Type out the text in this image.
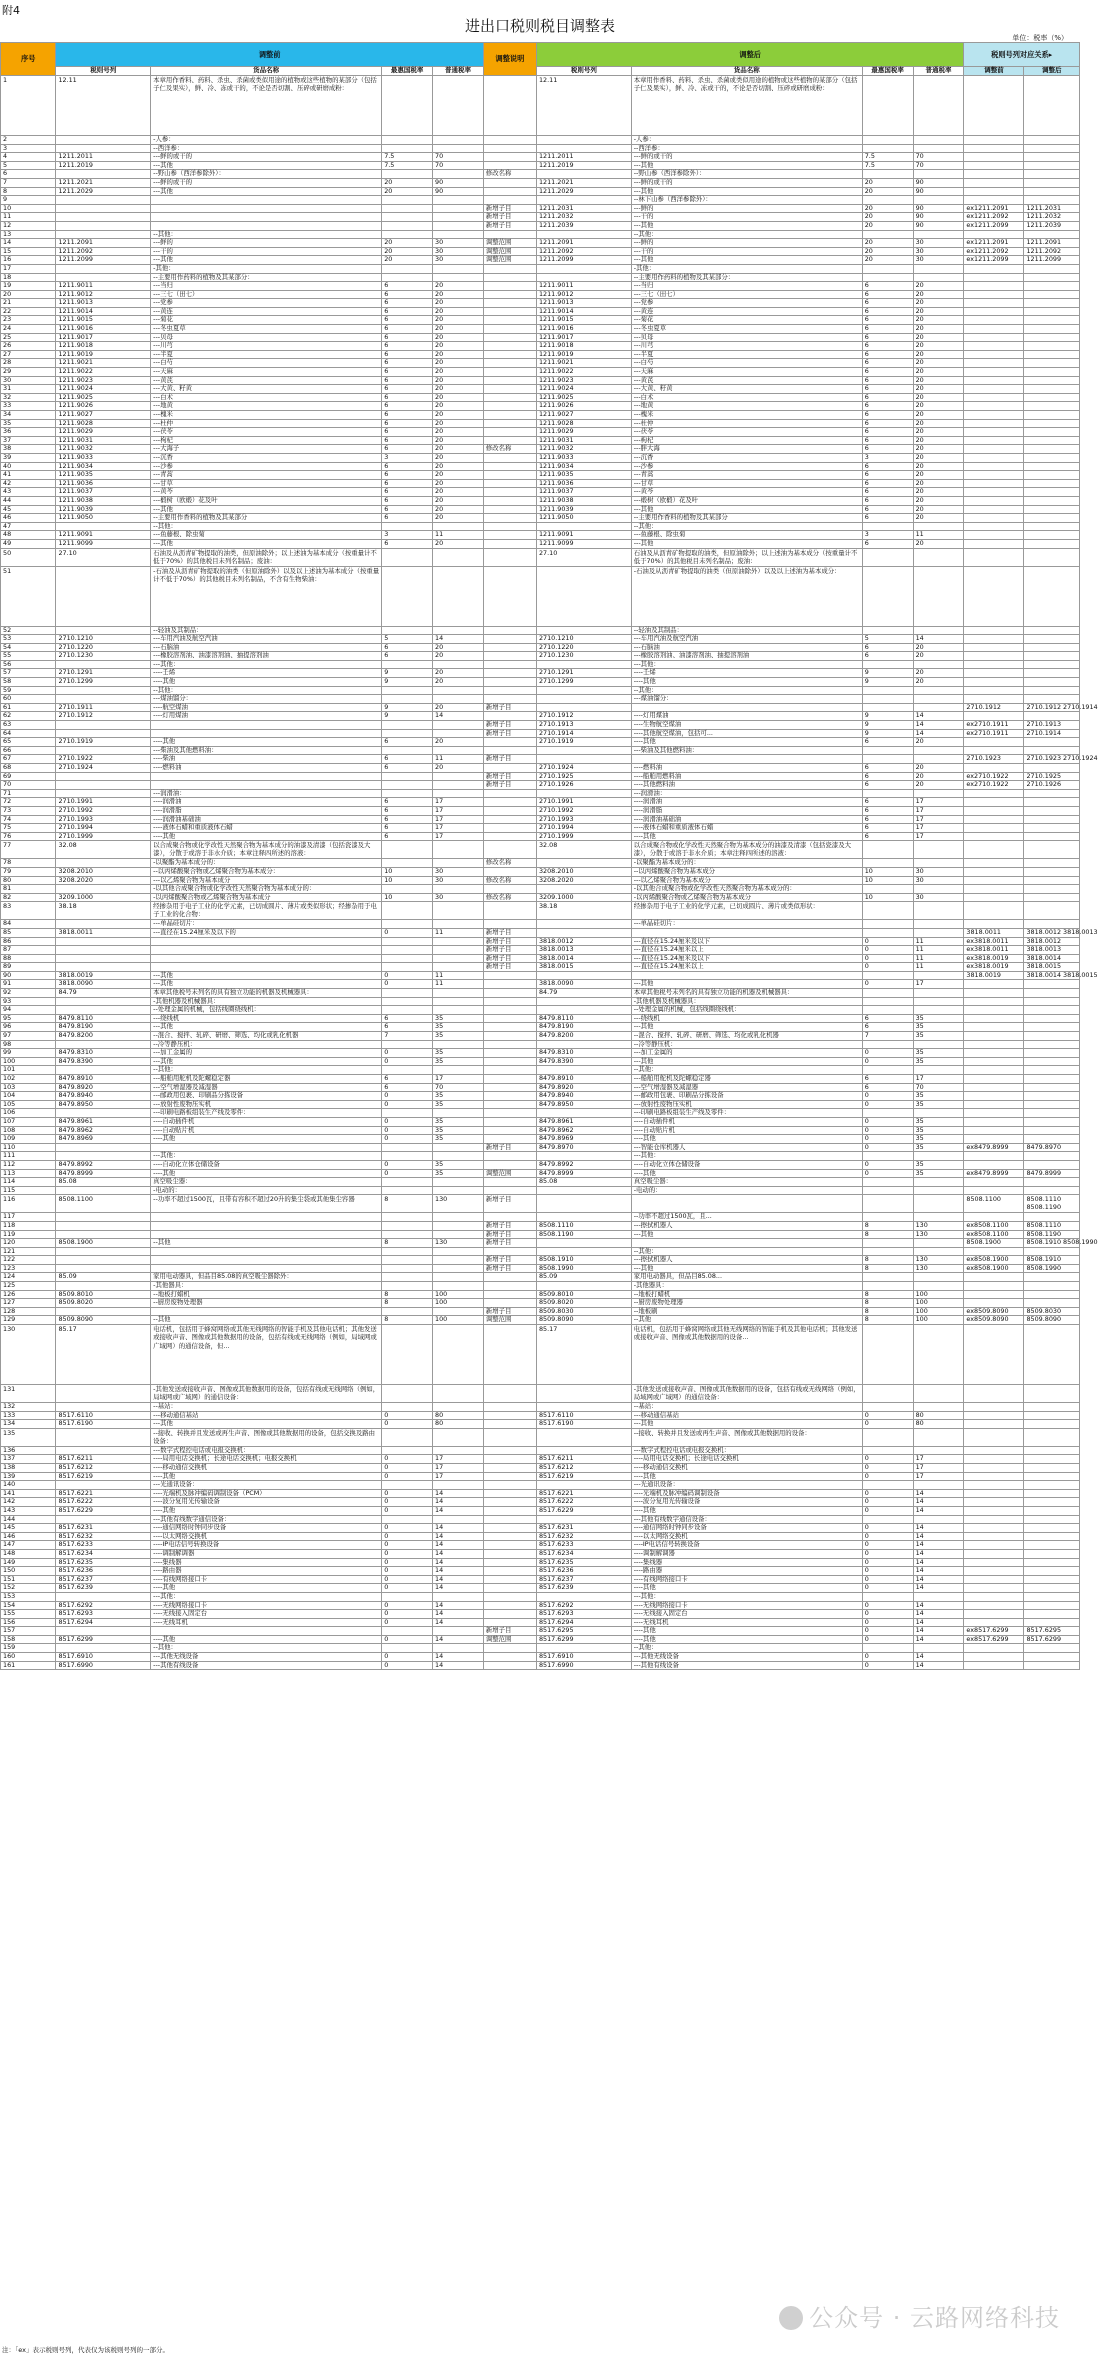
附4
进出口税则税目调整表
单位：税率（%）
序号	调整前				调整说明	调整后				税则号列对应关系▸	
	税则号列	货品名称	最惠国税率	普通税率		税则号列	货品名称	最惠国税率	普通税率	调整前	调整后
1	12.11	本章用作香料、药料、杀虫、杀菌或类似用途的植物或这些植物的某部分（包括子仁及果实），鲜、冷、冻或干的，不论是否切割、压碎或研磨成粉：				12.11	本章用作香料、药料、杀虫、杀菌或类似用途的植物或这些植物的某部分（包括子仁及果实），鲜、冷、冻或干的，不论是否切割、压碎或研磨成粉：				
2		-人参：					-人参：				
3		--西洋参：					--西洋参：				
4	1211.2011	---鲜的或干的	7.5	70		1211.2011	---鲜的或干的	7.5	70		
5	1211.2019	---其他	7.5	70		1211.2019	---其他	7.5	70		
6		--野山参（西洋参除外）：			修改名称		--野山参（西洋参除外）：				
7	1211.2021	---鲜的或干的	20	90		1211.2021	---鲜的或干的	20	90		
8	1211.2029	---其他	20	90		1211.2029	---其他	20	90		
9							--林下山参（西洋参除外）：				
10					新增子目	1211.2031	---鲜的	20	90	ex1211.2091	1211.2031
11					新增子目	1211.2032	---干的	20	90	ex1211.2092	1211.2032
12					新增子目	1211.2039	---其他	20	90	ex1211.2099	1211.2039
13		--其他：					--其他：				
14	1211.2091	---鲜的	20	30	调整范围	1211.2091	---鲜的	20	30	ex1211.2091	1211.2091
15	1211.2092	---干的	20	30	调整范围	1211.2092	---干的	20	30	ex1211.2092	1211.2092
16	1211.2099	---其他	20	30	调整范围	1211.2099	---其他	20	30	ex1211.2099	1211.2099
17		-其他：					-其他：				
18		--主要用作药料的植物及其某部分：					--主要用作药料的植物及其某部分：				
19	1211.9011	---当归	6	20		1211.9011	---当归	6	20		
20	1211.9012	---三七（田七）	6	20		1211.9012	---三七（田七）	6	20		
21	1211.9013	---党参	6	20		1211.9013	---党参	6	20		
22	1211.9014	---黄连	6	20		1211.9014	---黄连	6	20		
23	1211.9015	---菊花	6	20		1211.9015	---菊花	6	20		
24	1211.9016	---冬虫夏草	6	20		1211.9016	---冬虫夏草	6	20		
25	1211.9017	---贝母	6	20		1211.9017	---贝母	6	20		
26	1211.9018	---川芎	6	20		1211.9018	---川芎	6	20		
27	1211.9019	---半夏	6	20		1211.9019	---半夏	6	20		
28	1211.9021	---白芍	6	20		1211.9021	---白芍	6	20		
29	1211.9022	---天麻	6	20		1211.9022	---天麻	6	20		
30	1211.9023	---黄芪	6	20		1211.9023	---黄芪	6	20		
31	1211.9024	---大黄、籽黄	6	20		1211.9024	---大黄、籽黄	6	20		
32	1211.9025	---白术	6	20		1211.9025	---白术	6	20		
33	1211.9026	---地黄	6	20		1211.9026	---地黄	6	20		
34	1211.9027	---槐米	6	20		1211.9027	---槐米	6	20		
35	1211.9028	---杜仲	6	20		1211.9028	---杜仲	6	20		
36	1211.9029	---茯苓	6	20		1211.9029	---茯苓	6	20		
37	1211.9031	---枸杞	6	20		1211.9031	---枸杞	6	20		
38	1211.9032	---大海子	6	20	修改名称	1211.9032	---胖大海	6	20		
39	1211.9033	---沉香	3	20		1211.9033	---沉香	3	20		
40	1211.9034	---沙参	6	20		1211.9034	---沙参	6	20		
41	1211.9035	---青蒿	6	20		1211.9035	---青蒿	6	20		
42	1211.9036	---甘草	6	20		1211.9036	---甘草	6	20		
43	1211.9037	---黄芩	6	20		1211.9037	---黄芩	6	20		
44	1211.9038	---椴树（欧椴）花及叶	6	20		1211.9038	---椴树（欧椴）花及叶	6	20		
45	1211.9039	---其他	6	20		1211.9039	---其他	6	20		
46	1211.9050	--主要用作香料的植物及其某部分	6	20		1211.9050	--主要用作香料的植物及其某部分	6	20		
47		--其他：					--其他：				
48	1211.9091	---鱼藤根、除虫菊	3	11		1211.9091	---鱼藤根、除虫菊	3	11		
49	1211.9099	---其他	6	20		1211.9099	---其他	6	20		
50	27.10	石油及从沥青矿物提取的油类，但原油除外；以上述油为基本成分（按重量计不低于70%）的其他税目未列名制品；废油：				27.10	石油及从沥青矿物提取的油类，但原油除外；以上述油为基本成分（按重量计不低于70%）的其他税目未列名制品；废油：				
51		-石油及从沥青矿物提取的油类（但原油除外）以及以上述油为基本成分（按重量计不低于70%）的其他税目未列名制品，不含有生物柴油：					-石油及从沥青矿物提取的油类（但原油除外）以及以上述油为基本成分：				
52		--轻油及其制品：					--轻油及其制品：				
53	2710.1210	---车用汽油及航空汽油	5	14		2710.1210	---车用汽油及航空汽油	5	14		
54	2710.1220	---石脑油	6	20		2710.1220	---石脑油	6	20		
55	2710.1230	---橡胶溶剂油、油漆溶剂油、抽提溶剂油	6	20		2710.1230	---橡胶溶剂油、油漆溶剂油、抽提溶剂油	6	20		
56		---其他：					---其他：				
57	2710.1291	----壬烯	9	20		2710.1291	----壬烯	9	20		
58	2710.1299	----其他	9	20		2710.1299	----其他	9	20		
59		--其他：					--其他：				
60		---煤油馏分：					---煤油馏分：				
61	2710.1911	----航空煤油	9	20	新增子目					2710.1912	2710.1912 2710.1914
62	2710.1912	----灯用煤油	9	14		2710.1912	----灯用煤油	9	14		
63					新增子目	2710.1913	----生物航空煤油	9	14	ex2710.1911	2710.1913
64					新增子目	2710.1914	----其他航空煤油，包括可...	9	14	ex2710.1911	2710.1914
65	2710.1919	----其他	6	20		2710.1919	----其他	6	20		
66		---柴油及其他燃料油：					---柴油及其他燃料油：				
67	2710.1922	----柴油	6	11	新增子目					2710.1923	2710.1923 2710.1924
68	2710.1924	----燃料油	6	20		2710.1924	----燃料油	6	20		
69					新增子目	2710.1925	----船舶用燃料油	6	20	ex2710.1922	2710.1925
70					新增子目	2710.1926	----其他燃料油	6	20	ex2710.1922	2710.1926
71		---润滑油：					---润滑油：				
72	2710.1991	----润滑油	6	17		2710.1991	----润滑油	6	17		
73	2710.1992	----润滑脂	6	17		2710.1992	----润滑脂	6	17		
74	2710.1993	----润滑油基础油	6	17		2710.1993	----润滑油基础油	6	17		
75	2710.1994	----液体石蜡和重质液体石蜡	6	17		2710.1994	----液体石蜡和重质液体石蜡	6	17		
76	2710.1999	----其他	6	17		2710.1999	----其他	6	17		
77	32.08	以合成聚合物或化学改性天然聚合物为基本成分的油漆及清漆（包括瓷漆及大漆），分散于或溶于非水介质；本章注释四所述的溶液：				32.08	以合成聚合物或化学改性天然聚合物为基本成分的油漆及清漆（包括瓷漆及大漆），分散于或溶于非水介质；本章注释四所述的溶液：				
78		-以聚酯为基本成分的：			修改名称		-以聚酯为基本成分的：				
79	3208.2010	--以丙烯酸聚合物或乙烯聚合物为基本成分：	10	30		3208.2010	--以丙烯酸聚合物为基本成分	10	30		
80	3208.2020	---以乙烯聚合物为基本成分	10	30	修改名称	3208.2020	---以乙烯聚合物为基本成分	10	30		
81		-以其他合成聚合物或化学改性天然聚合物为基本成分的：					-以其他合成聚合物或化学改性天然聚合物为基本成分的：				
82	3209.1000	-以丙烯酸聚合物或乙烯聚合物为基本成分	10	30	修改名称	3209.1000	-以丙烯酸聚合物或乙烯聚合物为基本成分	10	30		
83	38.18	经掺杂用于电子工业的化学元素，已切成圆片、薄片或类似形状；经掺杂用于电子工业的化合物：				38.18	经掺杂用于电子工业的化学元素，已切成圆片、薄片或类似形状：				
84		---单晶硅切片：					---单晶硅切片：				
85	3818.0011	---直径在15.24厘米及以下的	0	11	新增子目					3818.0011	3818.0012 3818.0013
86					新增子目	3818.0012	---直径在15.24厘米及以下	0	11	ex3818.0011	3818.0012
87					新增子目	3818.0013	---直径在15.24厘米以上	0	11	ex3818.0011	3818.0013
88					新增子目	3818.0014	---直径在15.24厘米及以下	0	11	ex3818.0019	3818.0014
89					新增子目	3818.0015	---直径在15.24厘米以上	0	11	ex3818.0019	3818.0015
90	3818.0019	---其他	0	11						3818.0019	3818.0014 3818.0015
91	3818.0090	---其他	0	11		3818.0090	---其他	0	17		
92	84.79	本章其他税号未列名的具有独立功能的机器及机械器具：				84.79	本章其他税号未列名的具有独立功能的机器及机械器具：				
93		-其他机器及机械器具：					-其他机器及机械器具：				
94		--处理金属的机械，包括线圈绕线机：					--处理金属的机械，包括线圈绕线机：				
95	8479.8110	---绕线机	6	35		8479.8110	---绕线机	6	35		
96	8479.8190	---其他	6	35		8479.8190	---其他	6	35		
97	8479.8200	--混合、搅拌、轧碎、研磨、筛选、均化或乳化机器	7	35		8479.8200	--混合、搅拌、轧碎、研磨、筛选、均化或乳化机器	7	35		
98		--冷等静压机：					--冷等静压机：				
99	8479.8310	---加工金属的	0	35		8479.8310	---加工金属的	0	35		
100	8479.8390	---其他	0	35		8479.8390	---其他	0	35		
101		--其他：					--其他：				
102	8479.8910	---船舶用舵机及陀螺稳定器	6	17		8479.8910	---船舶用舵机及陀螺稳定器	6	17		
103	8479.8920	---空气增湿器及减湿器	6	70		8479.8920	---空气增湿器及减湿器	6	70		
104	8479.8940	---邮政用包裹、印刷品分拣设备	0	35		8479.8940	---邮政用包裹、印刷品分拣设备	0	35		
105	8479.8950	---放射性废物压实机	0	35		8479.8950	---放射性废物压实机	0	35		
106		---印刷电路板组装生产线及零件：					---印刷电路板组装生产线及零件：				
107	8479.8961	----自动插件机	0	35		8479.8961	----自动插件机	0	35		
108	8479.8962	----自动贴片机	0	35		8479.8962	----自动贴片机	0	35		
109	8479.8969	----其他	0	35		8479.8969	----其他	0	35		
110					新增子目	8479.8970	---智能仓库机器人	0	35	ex8479.8999	8479.8970
111		---其他：					---其他：				
112	8479.8992	----自动化立体仓储设备	0	35		8479.8992	----自动化立体仓储设备	0	35		
113	8479.8999	----其他	0	35	调整范围	8479.8999	----其他	0	35	ex8479.8999	8479.8999
114	85.08	真空吸尘器：				85.08	真空吸尘器：				
115		-电动的：					-电动的：				
116	8508.1100	--功率不超过1500瓦，且带有容积不超过20升的集尘袋或其他集尘容器	8	130	新增子目					8508.1100	8508.1110 8508.1190
117							--功率不超过1500瓦，且...				
118					新增子目	8508.1110	---擦拭机器人	8	130	ex8508.1100	8508.1110
119					新增子目	8508.1190	---其他	8	130	ex8508.1100	8508.1190
120	8508.1900	--其他	8	130	新增子目					8508.1900	8508.1910 8508.1990
121							--其他：				
122					新增子目	8508.1910	---擦拭机器人	8	130	ex8508.1900	8508.1910
123					新增子目	8508.1990	---其他	8	130	ex8508.1900	8508.1990
124	85.09	家用电动器具，但品目85.08的真空吸尘器除外：				85.09	家用电动器具，但品目85.08...				
125		-其他器具：					-其他器具：				
126	8509.8010	--地板打蜡机	8	100		8509.8010	--地板打蜡机	8	100		
127	8509.8020	--厨房废物处理器	8	100		8509.8020	--厨房废物处理器	8	100		
128					新增子目	8509.8030	--地板刷	8	100	ex8509.8090	8509.8030
129	8509.8090	--其他	8	100	调整范围	8509.8090	--其他	8	100	ex8509.8090	8509.8090
130	85.17	电话机，包括用于蜂窝网络或其他无线网络的智能手机及其他电话机；其他发送或接收声音、图像或其他数据用的设备，包括有线或无线网络（例如，局域网或广域网）的通信设备，但...				85.17	电话机，包括用于蜂窝网络或其他无线网络的智能手机及其他电话机；其他发送或接收声音、图像或其他数据用的设备...				
131		-其他发送或接收声音、图像或其他数据用的设备，包括有线或无线网络（例如，局域网或广域网）的通信设备：					-其他发送或接收声音、图像或其他数据用的设备，包括有线或无线网络（例如，局域网或广域网）的通信设备：				
132		--基站：					--基站：				
133	8517.6110	---移动通信基站	0	80		8517.6110	---移动通信基站	0	80		
134	8517.6190	---其他	0	80		8517.6190	---其他	0	80		
135		--接收、转换并且发送或再生声音、图像或其他数据用的设备，包括交换及路由设备：					--接收、转换并且发送或再生声音、图像或其他数据用的设备：				
136		---数字式程控电话或电报交换机：					---数字式程控电话或电报交换机：				
137	8517.6211	----局用电话交换机；长途电话交换机；电报交换机	0	17		8517.6211	----局用电话交换机；长途电话交换机	0	17		
138	8517.6212	----移动通信交换机	0	17		8517.6212	----移动通信交换机	0	17		
139	8517.6219	----其他	0	17		8517.6219	----其他	0	17		
140		---光通讯设备：					---光通讯设备：				
141	8517.6221	----光端机及脉冲编码调制设备（PCM）	0	14		8517.6221	----光端机及脉冲编码调制设备	0	14		
142	8517.6222	----波分复用光传输设备	0	14		8517.6222	----波分复用光传输设备	0	14		
143	8517.6229	----其他	0	14		8517.6229	----其他	0	14		
144		---其他有线数字通信设备：					---其他有线数字通信设备：				
145	8517.6231	----通信网络时钟同步设备	0	14		8517.6231	----通信网络时钟同步设备	0	14		
146	8517.6232	----以太网络交换机	0	14		8517.6232	----以太网络交换机	0	14		
147	8517.6233	----IP电话信号转换设备	0	14		8517.6233	----IP电话信号转换设备	0	14		
148	8517.6234	----调制解调器	0	14		8517.6234	----调制解调器	0	14		
149	8517.6235	----集线器	0	14		8517.6235	----集线器	0	14		
150	8517.6236	----路由器	0	14		8517.6236	----路由器	0	14		
151	8517.6237	----有线网络接口卡	0	14		8517.6237	----有线网络接口卡	0	14		
152	8517.6239	----其他	0	14		8517.6239	----其他	0	14		
153		---其他：					---其他：				
154	8517.6292	----无线网络接口卡	0	14		8517.6292	----无线网络接口卡	0	14		
155	8517.6293	----无线接入固定台	0	14		8517.6293	----无线接入固定台	0	14		
156	8517.6294	----无线耳机	0	14		8517.6294	----无线耳机	0	14		
157					新增子目	8517.6295	----其他	0	14	ex8517.6299	8517.6295
158	8517.6299	----其他	0	14	调整范围	8517.6299	----其他	0	14	ex8517.6299	8517.6299
159		--其他：					--其他：				
160	8517.6910	---其他无线设备	0	14		8517.6910	---其他无线设备	0	14		
161	8517.6990	---其他有线设备	0	14		8517.6990	---其他有线设备	0	14		
公众号 · 云路网络科技
注：「ex」表示税则号列，代表仅为该税则号列的一部分。
